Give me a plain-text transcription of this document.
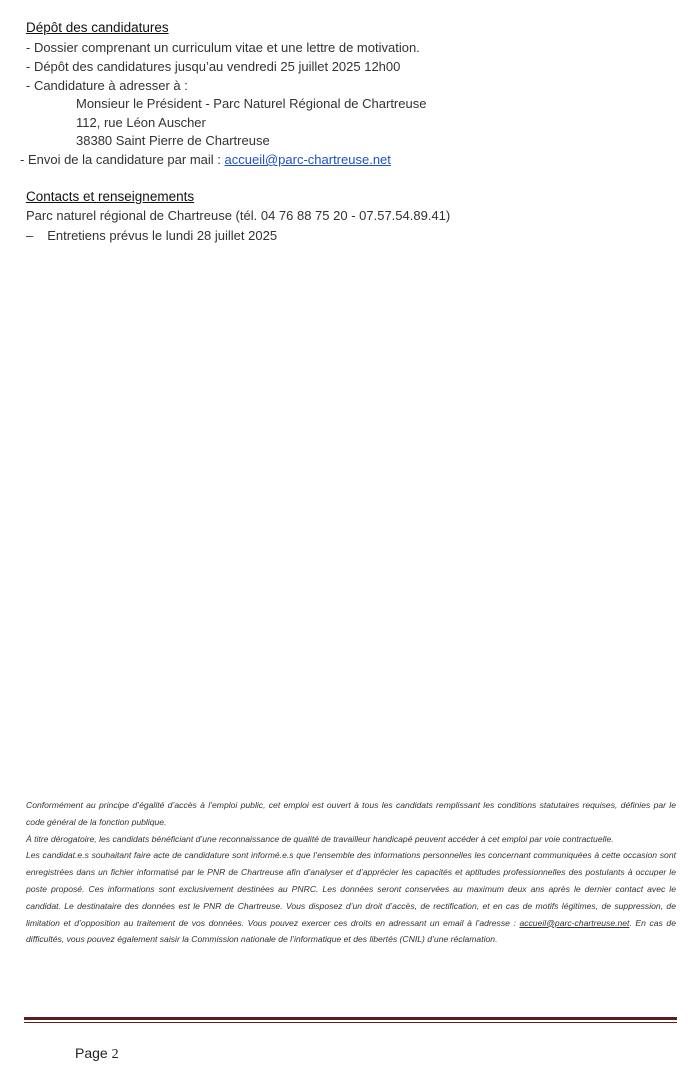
Dépôt des candidatures
- Dossier comprenant un curriculum vitae et une lettre de motivation.
- Dépôt des candidatures jusqu’au vendredi 25 juillet 2025 12h00
- Candidature à adresser à :
Monsieur le Président - Parc Naturel Régional de Chartreuse
112, rue Léon Auscher
38380 Saint Pierre de Chartreuse
- Envoi de la candidature par mail : accueil@parc-chartreuse.net
Contacts et renseignements
Parc naturel régional de Chartreuse (tél. 04 76 88 75 20 - 07.57.54.89.41)
– Entretiens prévus le lundi 28 juillet 2025

Conformément au principe d’égalité d’accès à l’emploi public, cet emploi est ouvert à tous les candidats remplissant les conditions statutaires requises, définies par le code général de la fonction publique.

À titre dérogatoire, les candidats bénéficiant d’une reconnaissance de qualité de travailleur handicapé peuvent accéder à cet emploi par voie contractuelle.

Les candidat.e.s souhaitant faire acte de candidature sont informé.e.s que l’ensemble des informations personnelles les concernant communiquées à cette occasion sont enregistrées dans un fichier informatisé par le PNR de Chartreuse afin d’analyser et d’apprécier les capacités et aptitudes professionnelles des postulants à occuper le poste proposé. Ces informations sont exclusivement destinées au PNRC. Les données seront conservées au maximum deux ans après le dernier contact avec le candidat. Le destinataire des données est le PNR de Chartreuse. Vous disposez d’un droit d’accès, de rectification, et en cas de motifs légitimes, de suppression, de limitation et d’opposition au traitement de vos données. Vous pouvez exercer ces droits en adressant un email à l’adresse : accueil@parc-chartreuse.net. En cas de difficultés, vous pouvez également saisir la Commission nationale de l’informatique et des libertés (CNIL) d’une réclamation.

Page 2
